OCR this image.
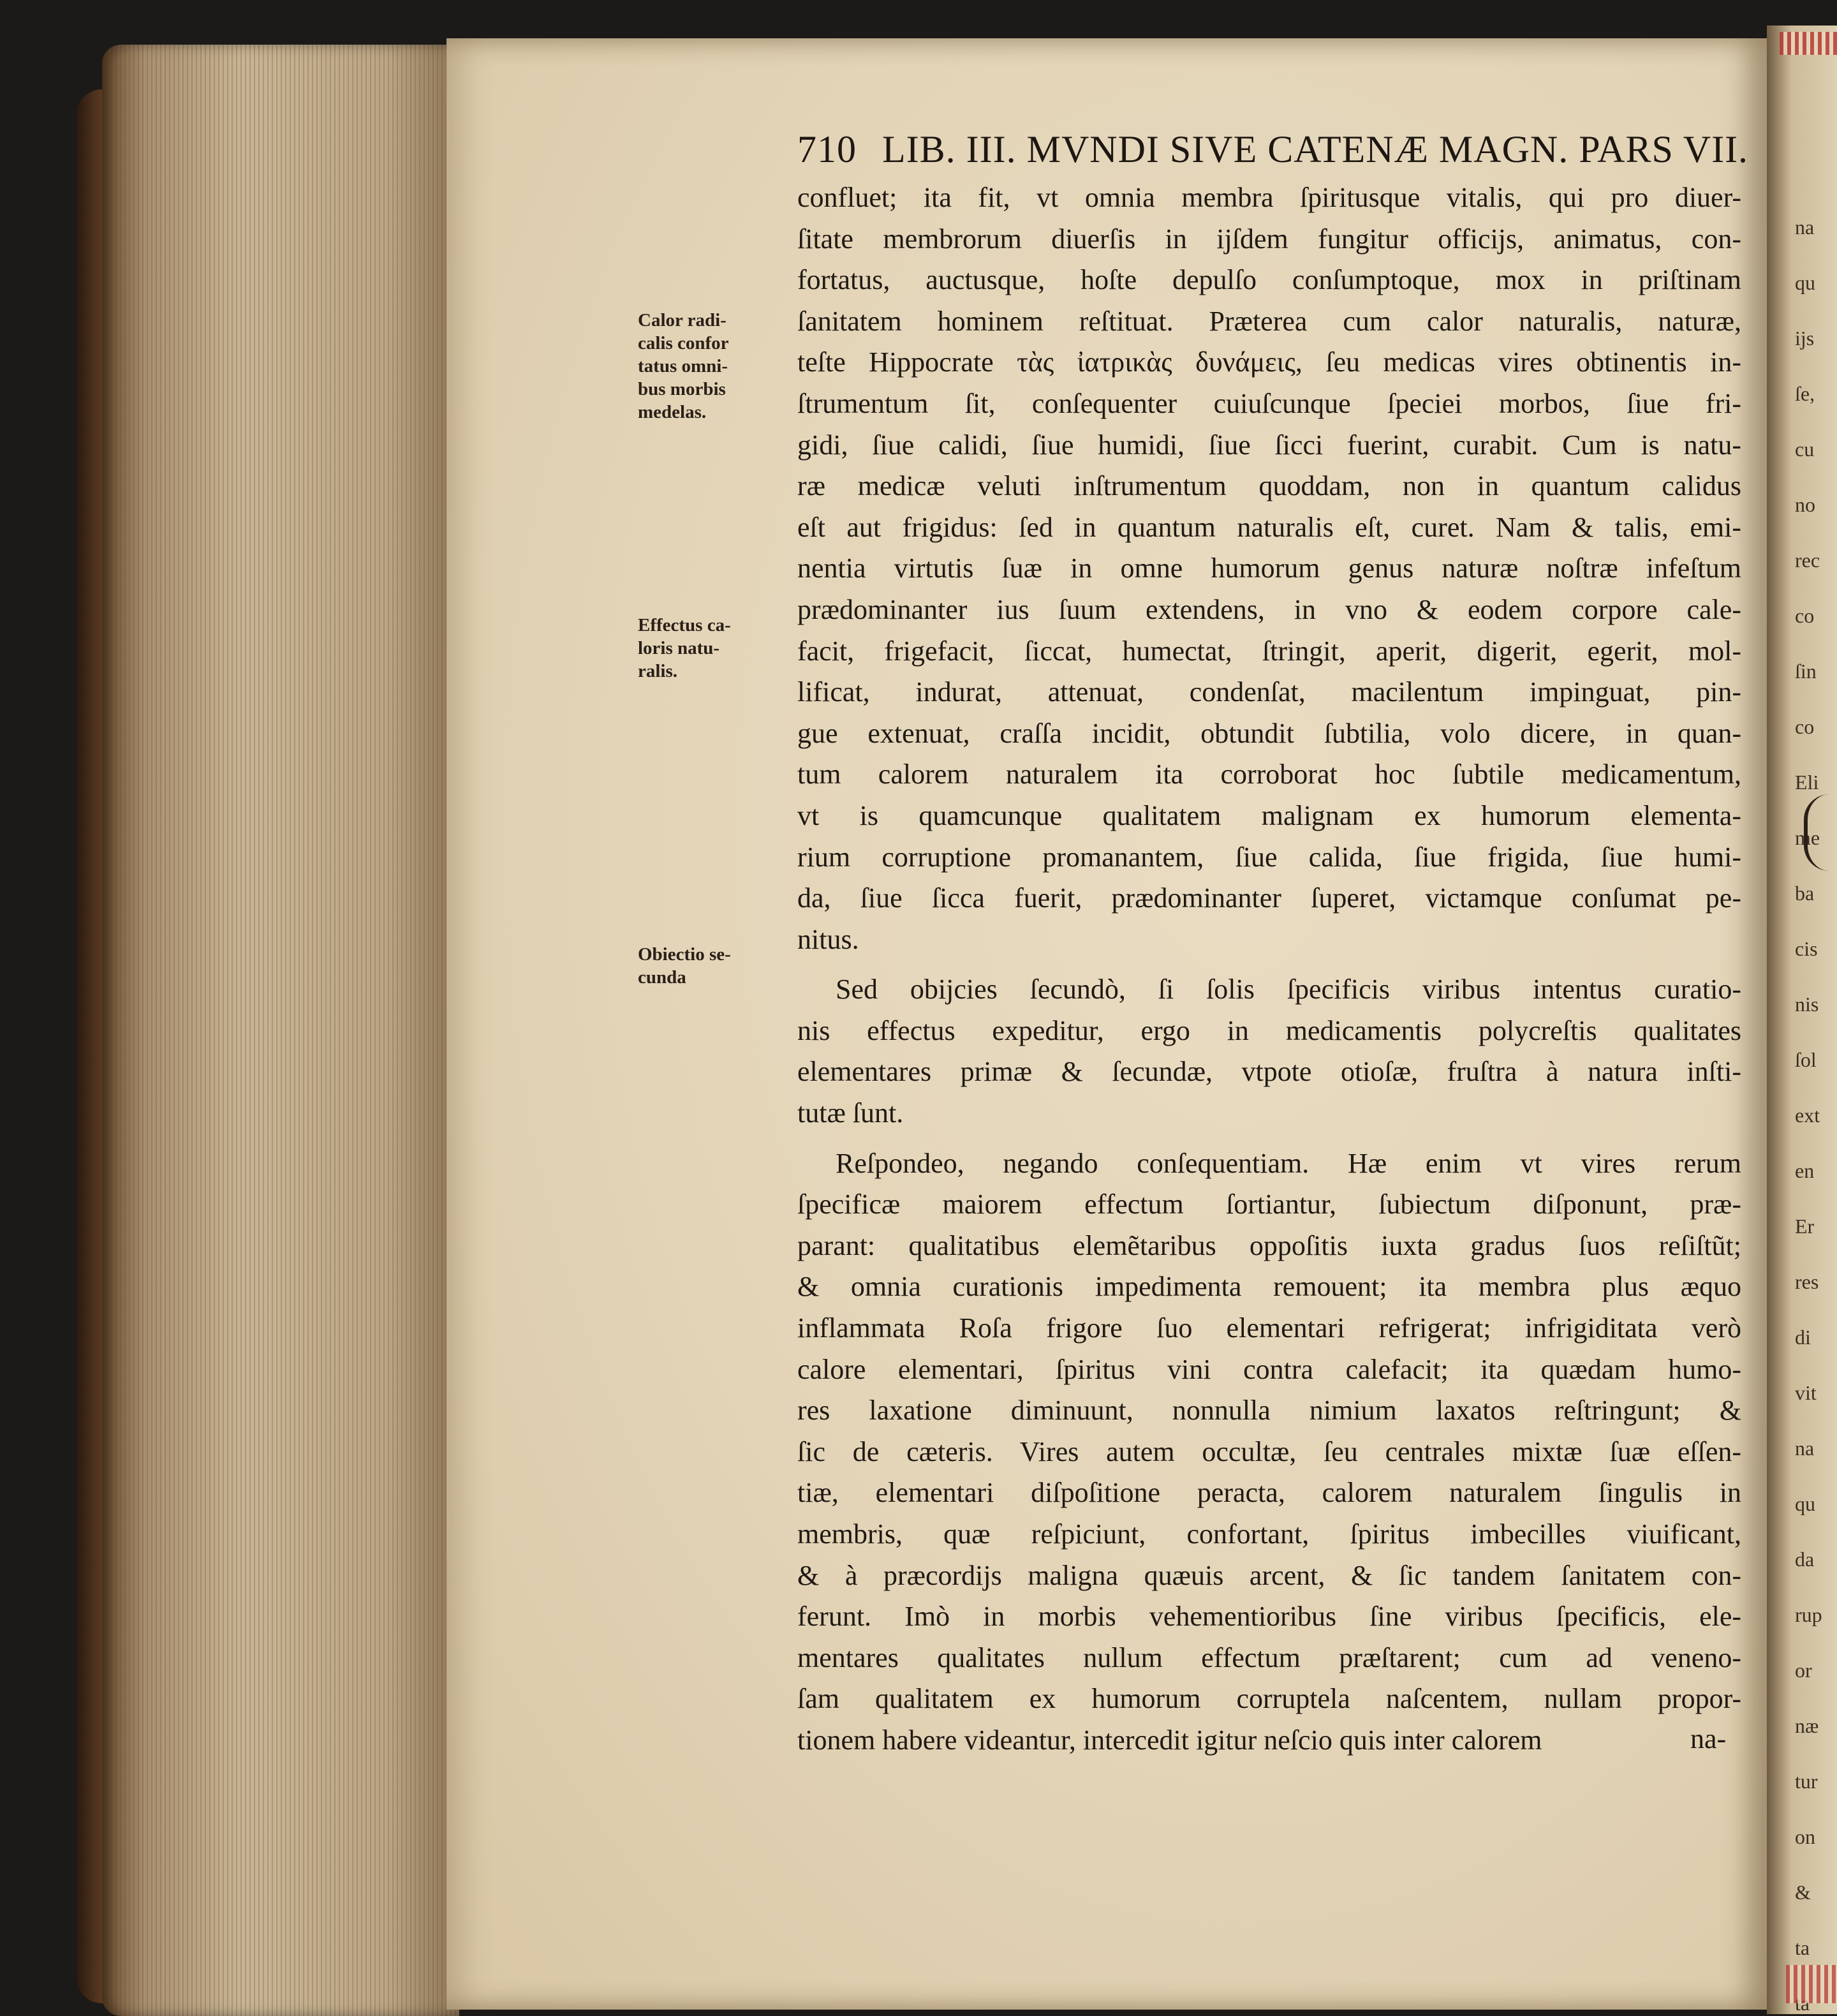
na
qu
ijs
ſe,
cu
no
rec
co
ſin
co
Eli
me
ba
cis
nis
ſol
ext
en
Er
res
di
vit
na
qu
da
rup
or
næ
tur
on
&
ta
710 LIB. III. MVNDI SIVE CATENÆ MAGN. PARS VII.
Calor radi-
calis confor
tatus omni-
bus morbis
medelas.
Effectus ca-
loris natu-
ralis.
Obiectio se-
cunda
confluet; ita fit, vt omnia membra ſpiritusque vitalis, qui pro diuer-
ſitate membrorum diuerſis in ijſdem fungitur officijs, animatus, con-
fortatus, auctusque, hoſte depulſo conſumptoque, mox in priſtinam
ſanitatem hominem reſtituat. Præterea cum calor naturalis, naturæ,
teſte Hippocrate τὰς ἰατρικὰς δυνάμεις, ſeu medicas vires obtinentis in-
ſtrumentum ſit, conſequenter cuiuſcunque ſpeciei morbos, ſiue fri-
gidi, ſiue calidi, ſiue humidi, ſiue ſicci fuerint, curabit. Cum is natu-
ræ medicæ veluti inſtrumentum quoddam, non in quantum calidus
eſt aut frigidus: ſed in quantum naturalis eſt, curet. Nam & talis, emi-
nentia virtutis ſuæ in omne humorum genus naturæ noſtræ infeſtum
prædominanter ius ſuum extendens, in vno & eodem corpore cale-
facit, frigefacit, ſiccat, humectat, ſtringit, aperit, digerit, egerit, mol-
lificat, indurat, attenuat, condenſat, macilentum impinguat, pin-
gue extenuat, craſſa incidit, obtundit ſubtilia, volo dicere, in quan-
tum calorem naturalem ita corroborat hoc ſubtile medicamentum,
vt is quamcunque qualitatem malignam ex humorum elementa-
rium corruptione promanantem, ſiue calida, ſiue frigida, ſiue humi-
da, ſiue ſicca fuerit, prædominanter ſuperet, victamque conſumat pe-
nitus.
Sed obijcies ſecundò, ſi ſolis ſpecificis viribus intentus curatio-
nis effectus expeditur, ergo in medicamentis polycreſtis qualitates
elementares primæ & ſecundæ, vtpote otioſæ, fruſtra à natura inſti-
tutæ ſunt.
Reſpondeo, negando conſequentiam. Hæ enim vt vires rerum
ſpecificæ maiorem effectum ſortiantur, ſubiectum diſponunt, præ-
parant: qualitatibus elemẽtaribus oppoſitis iuxta gradus ſuos reſiſtũt;
& omnia curationis impedimenta remouent; ita membra plus æquo
inflammata Roſa frigore ſuo elementari refrigerat; infrigiditata verò
calore elementari, ſpiritus vini contra calefacit; ita quædam humo-
res laxatione diminuunt, nonnulla nimium laxatos reſtringunt; &
ſic de cæteris. Vires autem occultæ, ſeu centrales mixtæ ſuæ eſſen-
tiæ, elementari diſpoſitione peracta, calorem naturalem ſingulis in
membris, quæ reſpiciunt, confortant, ſpiritus imbecilles viuificant,
& à præcordijs maligna quæuis arcent, & ſic tandem ſanitatem con-
ferunt. Imò in morbis vehementioribus ſine viribus ſpecificis, ele-
mentares qualitates nullum effectum præſtarent; cum ad veneno-
ſam qualitatem ex humorum corruptela naſcentem, nullam propor-
tionem habere videantur, intercedit igitur neſcio quis inter calorem	na-
